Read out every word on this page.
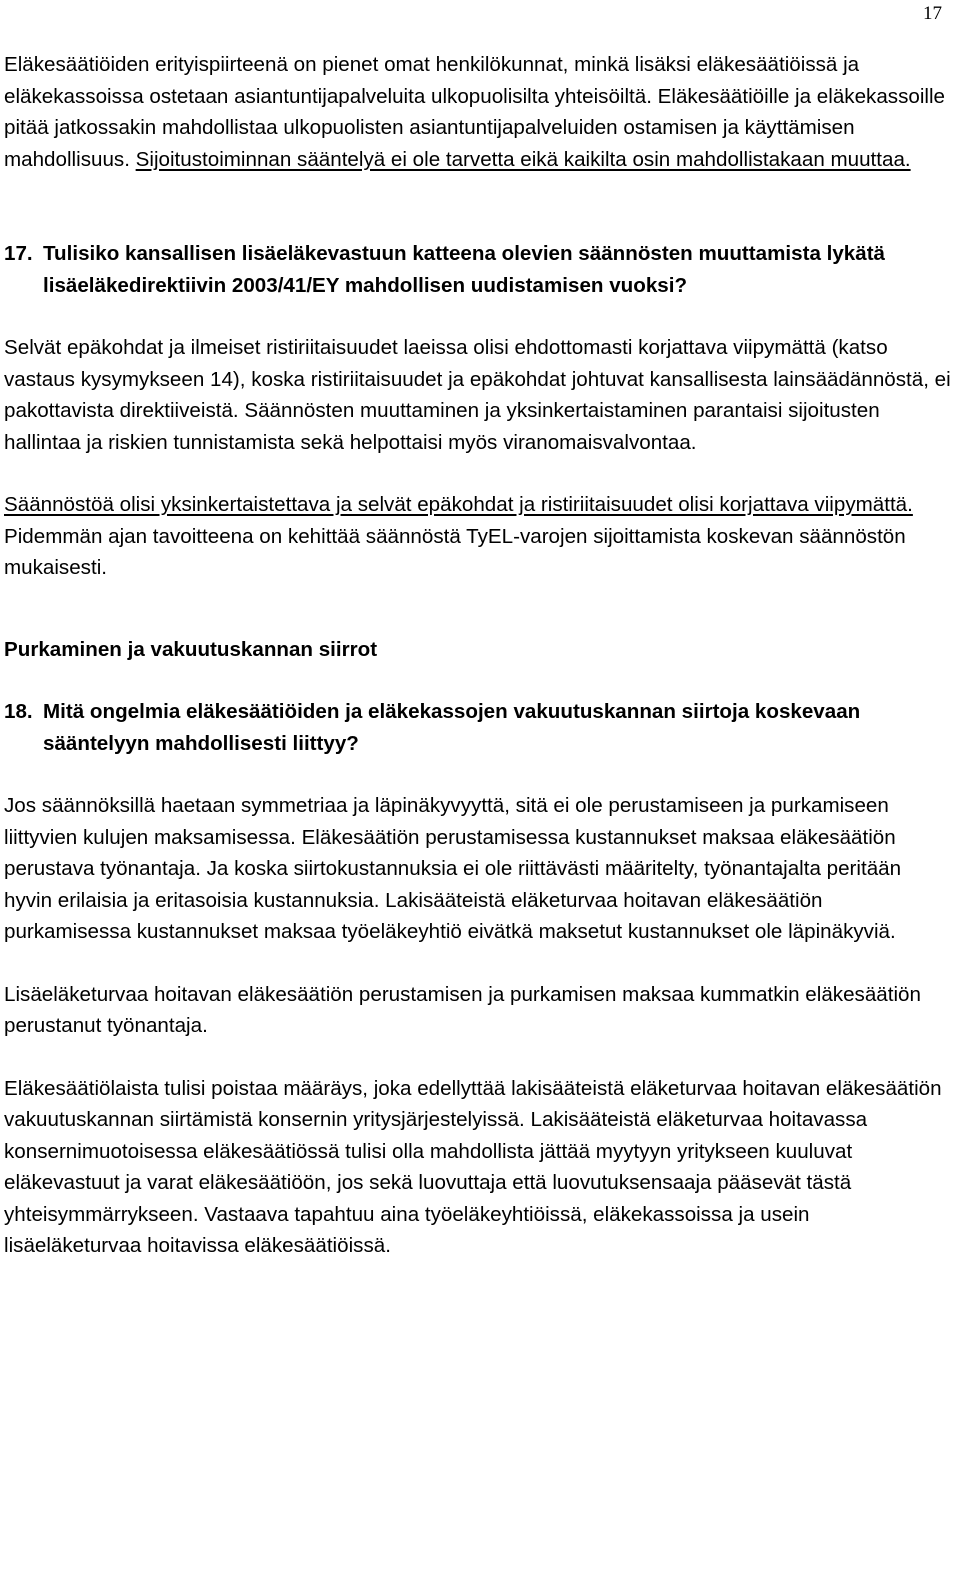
17

Eläkesäätiöiden erityispiirteenä on pienet omat henkilökunnat, minkä lisäksi eläkesäätiöissä ja eläkekassoissa ostetaan asiantuntijapalveluita ulkopuolisilta yhteisöiltä. Eläkesäätiöille ja eläkekassoille pitää jatkossakin mahdollistaa ulkopuolisten asiantuntijapalveluiden ostamisen ja käyttämisen mahdollisuus. Sijoitustoiminnan sääntelyä ei ole tarvetta eikä kaikilta osin mahdollistakaan muuttaa.

17. Tulisiko kansallisen lisäeläkevastuun katteena olevien säännösten muuttamista lykätä lisäeläkedirektiivin 2003/41/EY mahdollisen uudistamisen vuoksi?

Selvät epäkohdat ja ilmeiset ristiriitaisuudet laeissa olisi ehdottomasti korjattava viipymättä (katso vastaus kysymykseen 14), koska ristiriitaisuudet ja epäkohdat johtuvat kansallisesta lainsäädännöstä, ei pakottavista direktiiveistä. Säännösten muuttaminen ja yksinkertaistaminen parantaisi sijoitusten hallintaa ja riskien tunnistamista sekä helpottaisi myös viranomaisvalvontaa.

Säännöstöä olisi yksinkertaistettava ja selvät epäkohdat ja ristiriitaisuudet olisi korjattava viipymättä. Pidemmän ajan tavoitteena on kehittää säännöstä TyEL-varojen sijoittamista koskevan säännöstön mukaisesti.

Purkaminen ja vakuutuskannan siirrot

18. Mitä ongelmia eläkesäätiöiden ja eläkekassojen vakuutuskannan siirtoja koskevaan sääntelyyn mahdollisesti liittyy?

Jos säännöksillä haetaan symmetriaa ja läpinäkyvyyttä, sitä ei ole perustamiseen ja purkamiseen liittyvien kulujen maksamisessa. Eläkesäätiön perustamisessa kustannukset maksaa eläkesäätiön perustava työnantaja. Ja koska siirtokustannuksia ei ole riittävästi määritelty, työnantajalta peritään hyvin erilaisia ja eritasoisia kustannuksia. Lakisääteistä eläketurvaa hoitavan eläkesäätiön purkamisessa kustannukset maksaa työeläkeyhtiö eivätkä maksetut kustannukset ole läpinäkyviä.

Lisäeläketurvaa hoitavan eläkesäätiön perustamisen ja purkamisen maksaa kummatkin eläkesäätiön perustanut työnantaja.

Eläkesäätiölaista tulisi poistaa määräys, joka edellyttää lakisääteistä eläketurvaa hoitavan eläkesäätiön vakuutuskannan siirtämistä konsernin yritysjärjestelyissä. Lakisääteistä eläketurvaa hoitavassa konsernimuotoisessa eläkesäätiössä tulisi olla mahdollista jättää myytyyn yritykseen kuuluvat eläkevastuut ja varat eläkesäätiöön, jos sekä luovuttaja että luovutuksensaaja pääsevät tästä yhteisymmärrykseen. Vastaava tapahtuu aina työeläkeyhtiöissä, eläkekassoissa ja usein lisäeläketurvaa hoitavissa eläkesäätiöissä.
